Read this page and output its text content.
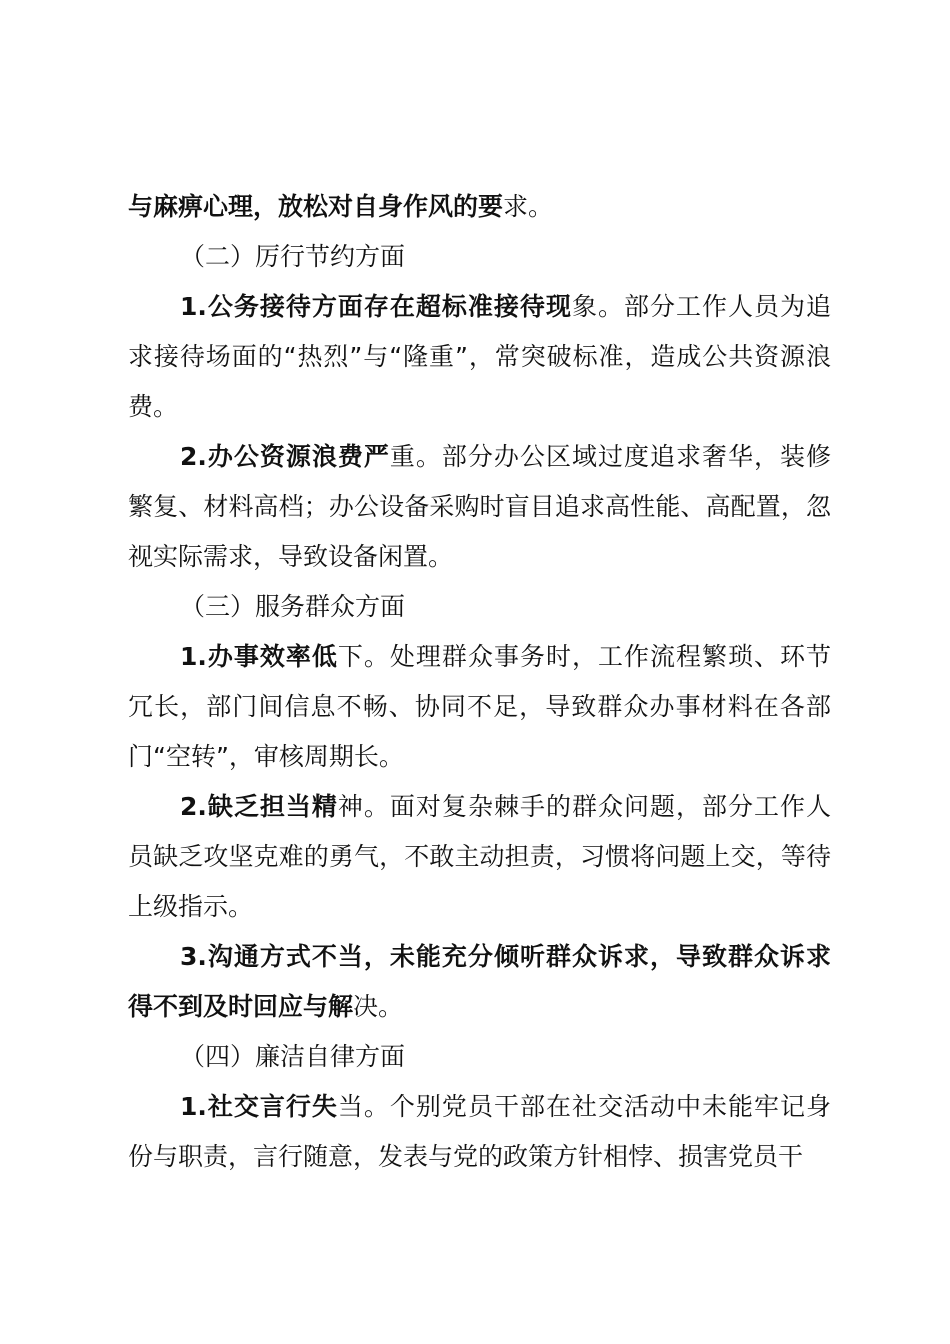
与麻痹心理，放松对自身作风的要求。

（二）厉行节约方面

1.公务接待方面存在超标准接待现象。部分工作人员为追求接待场面的“热烈”与“隆重”，常突破标准，造成公共资源浪费。

2.办公资源浪费严重。部分办公区域过度追求奢华，装修繁复、材料高档；办公设备采购时盲目追求高性能、高配置，忽视实际需求，导致设备闲置。

（三）服务群众方面

1.办事效率低下。处理群众事务时，工作流程繁琐、环节冗长，部门间信息不畅、协同不足，导致群众办事材料在各部门“空转”，审核周期长。

2.缺乏担当精神。面对复杂棘手的群众问题，部分工作人员缺乏攻坚克难的勇气，不敢主动担责，习惯将问题上交，等待上级指示。

3.沟通方式不当，未能充分倾听群众诉求，导致群众诉求得不到及时回应与解决。

（四）廉洁自律方面

1.社交言行失当。个别党员干部在社交活动中未能牢记身份与职责，言行随意，发表与党的政策方针相悖、损害党员干
